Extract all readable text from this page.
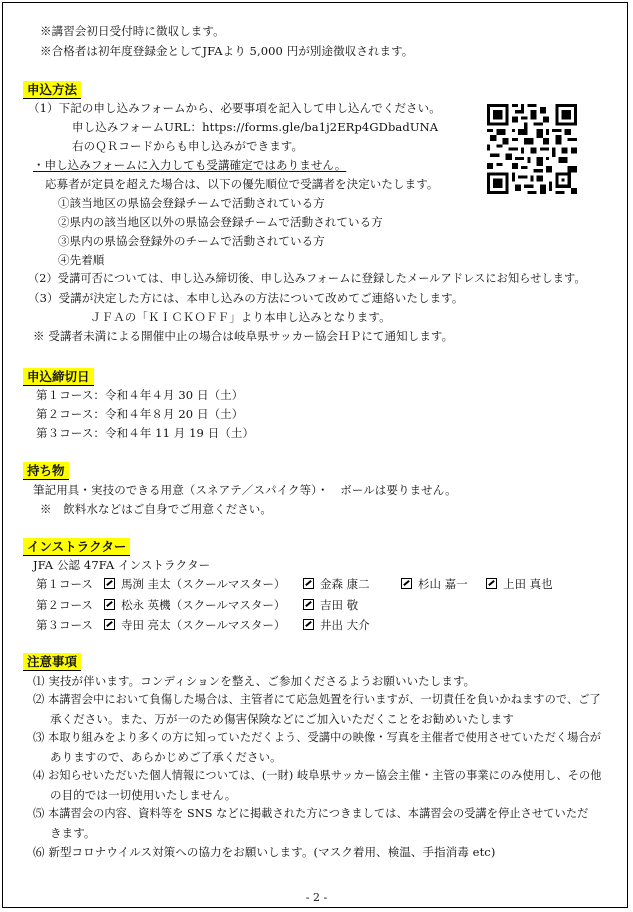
※講習会初日受付時に徴収します。
※合格者は初年度登録金としてJFAより 5,000 円が別途徴収されます。
申込方法
（1）下記の申し込みフォームから、必要事項を記入して申し込んでください。
申し込みフォームURL：https://forms.gle/ba1j2ERp4GDbadUNA
右のＱＲコードからも申し込みができます。
・申し込みフォームに入力しても受講確定ではありません。
応募者が定員を超えた場合は、以下の優先順位で受講者を決定いたします。
①該当地区の県協会登録チームで活動されている方
②県内の該当地区以外の県協会登録チームで活動されている方
③県内の県協会登録外のチームで活動されている方
④先着順
（2）受講可否については、申し込み締切後、申し込みフォームに登録したメールアドレスにお知らせします。
（3）受講が決定した方には、本申し込みの方法について改めてご連絡いたします。
ＪＦＡの「ＫＩＣＫＯＦＦ」より本申し込みとなります。
※ 受講者未満による開催中止の場合は岐阜県サッカー協会ＨＰにて通知します。
申込締切日
第１コース：令和４年４月 30 日（土）
第２コース：令和４年８月 20 日（土）
第３コース：令和４年 11 月 19 日（土）
持ち物
筆記用具・実技のできる用意（スネアテ／スパイク等）・　ボールは要りません。
※　飲料水などはご自身でご用意ください。
インストラクター
JFA 公認 47FA インストラクター
第１コース	馬渕 圭太（スクールマスター）	金森 康二	杉山 嘉一	上田 真也
第２コース	松永 英機（スクールマスター）	吉田 敬
第３コース	寺田 亮太（スクールマスター）	井出 大介
注意事項
⑴ 実技が伴います。コンディションを整え、ご参加くださるようお願いいたします。
⑵ 本講習会中において負傷した場合は、主管者にて応急処置を行いますが、一切責任を負いかねますので、ご了
承ください。また、万が一のため傷害保険などにご加入いただくことをお勧めいたします
⑶ 本取り組みをより多くの方に知っていただくよう、受講中の映像・写真を主催者で使用させていただく場合が
ありますので、あらかじめご了承ください。
⑷ お知らせいただいた個人情報については、(一財) 岐阜県サッカー協会主催・主管の事業にのみ使用し、その他
の目的では一切使用いたしません。
⑸ 本講習会の内容、資料等を SNS などに掲載された方につきましては、本講習会の受講を停止させていただ
きます。
⑹ 新型コロナウイルス対策への協力をお願いします。(マスク着用、検温、手指消毒 etc)
- 2 -
